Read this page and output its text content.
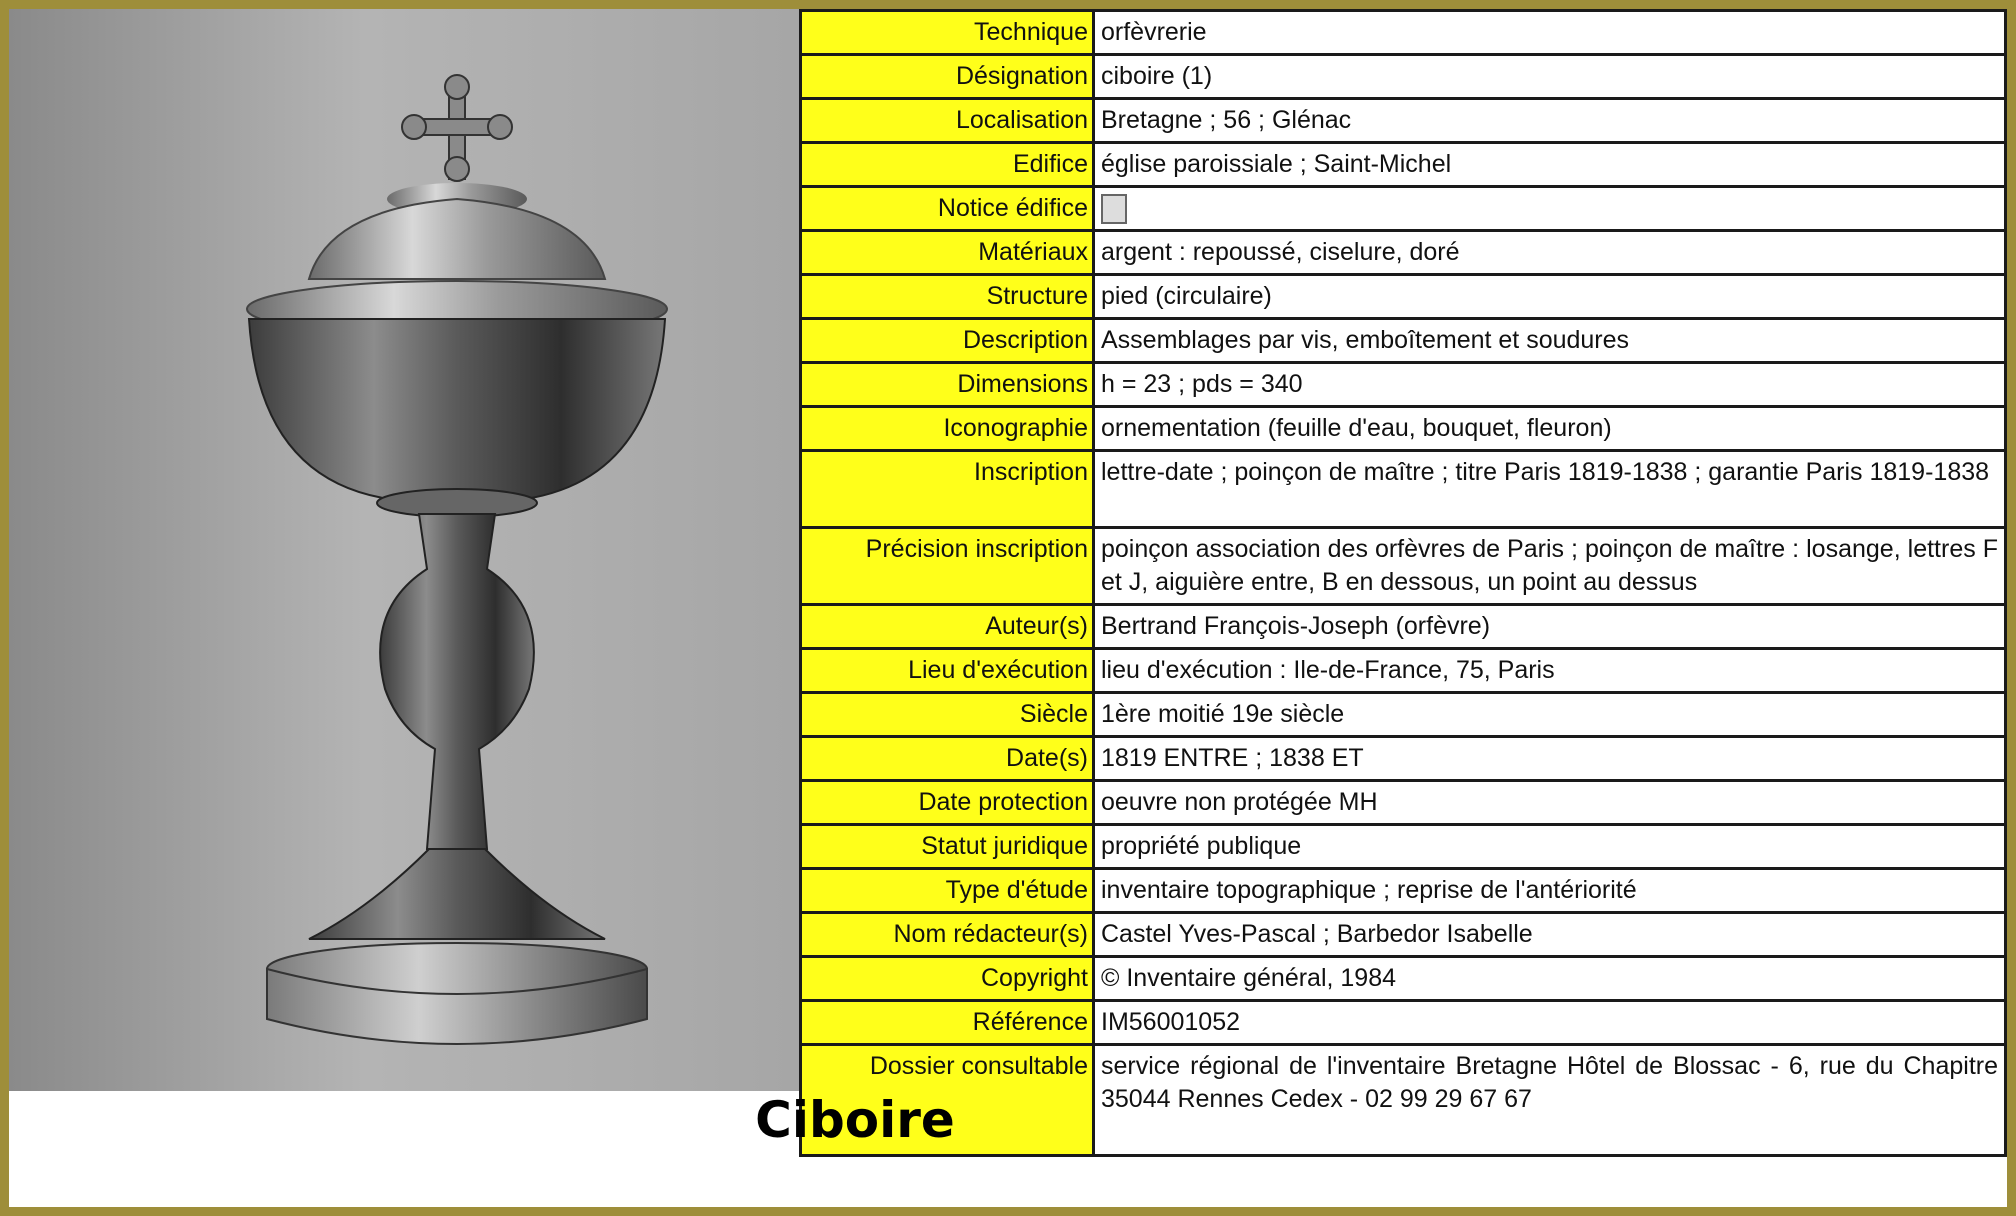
Technique	orfèvrerie
Désignation	ciboire (1)
Localisation	Bretagne ; 56 ; Glénac
Edifice	église paroissiale ; Saint-Michel
Notice édifice	
Matériaux	argent : repoussé, ciselure, doré
Structure	pied (circulaire)
Description	Assemblages par vis, emboîtement et soudures
Dimensions	h = 23 ; pds = 340
Iconographie	ornementation (feuille d'eau, bouquet, fleuron)
Inscription	lettre-date ; poinçon de maître ; titre Paris 1819-1838 ; garantie Paris 1819-1838
Précision inscription	poinçon association des orfèvres de Paris ; poinçon de maître : losange, lettres F et J, aiguière entre, B en dessous, un point au dessus
Auteur(s)	Bertrand François-Joseph (orfèvre)
Lieu d'exécution	lieu d'exécution : Ile-de-France, 75, Paris
Siècle	1ère moitié 19e siècle
Date(s)	1819 ENTRE ; 1838 ET
Date protection	oeuvre non protégée MH
Statut juridique	propriété publique
Type d'étude	inventaire topographique ; reprise de l'antériorité
Nom rédacteur(s)	Castel Yves-Pascal ; Barbedor Isabelle
Copyright	© Inventaire général, 1984
Référence	IM56001052
Dossier consultable	service régional de l'inventaire Bretagne Hôtel de Blossac - 6, rue du Chapitre 35044 Rennes Cedex - 02 99 29 67 67
Ciboire
